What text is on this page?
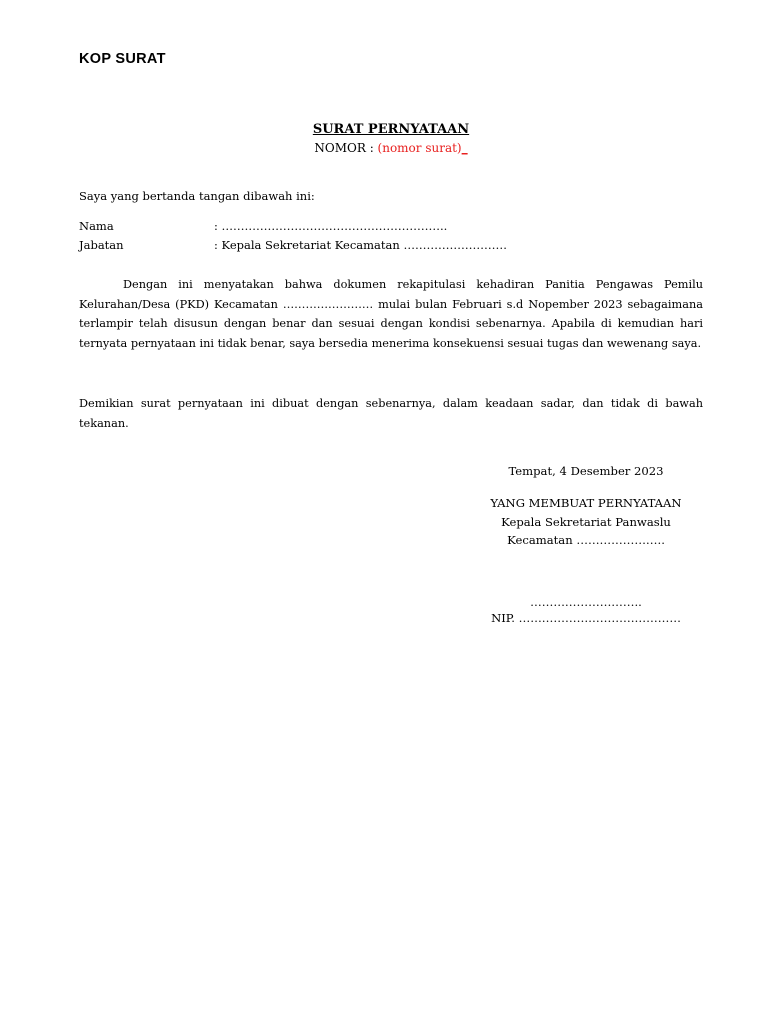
KOP SURAT
SURAT PERNYATAAN
NOMOR : (nomor surat)_
Saya yang bertanda tangan dibawah ini:
Nama	: …………………………………………………..
Jabatan	: Kepala Sekretariat Kecamatan ………………………
Dengan ini menyatakan bahwa dokumen rekapitulasi kehadiran Panitia Pengawas Pemilu Kelurahan/Desa (PKD) Kecamatan …………………… mulai bulan Februari s.d Nopember 2023 sebagaimana terlampir telah disusun dengan benar dan sesuai dengan kondisi sebenarnya. Apabila di kemudian hari ternyata pernyataan ini tidak benar, saya bersedia menerima konsekuensi sesuai tugas dan wewenang saya.
Demikian surat pernyataan ini dibuat dengan sebenarnya, dalam keadaan sadar, dan tidak di bawah tekanan.
Tempat, 4 Desember 2023
YANG MEMBUAT PERNYATAAN
Kepala Sekretariat Panwaslu
Kecamatan …………………..
………………………..
NIP. ……………………………………
